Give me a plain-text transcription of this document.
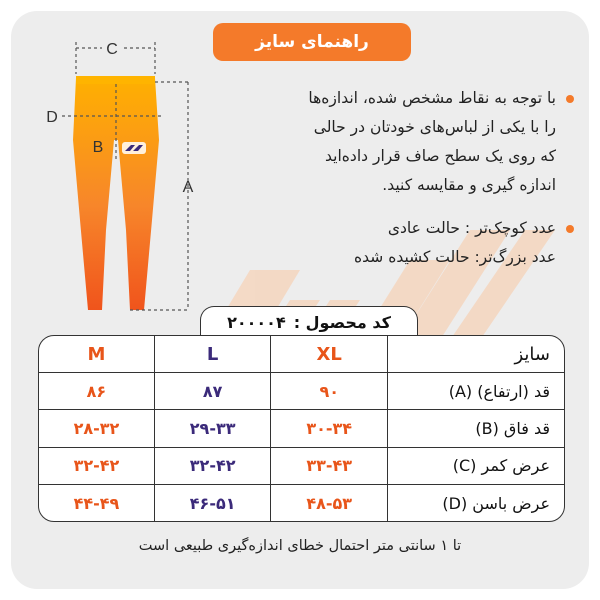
راهنمای سایز
C
D
B
A

با توجه به نقاط مشخص شده، اندازه‌ها
را با یکی از لباس‌های خودتان در حالی
که روی یک سطح صاف قرار داده‌اید
اندازه گیری و مقایسه کنید.

عدد کوچک‌تر : حالت عادی
عدد بزرگ‌تر: حالت کشیده شده

کد محصول :
۲۰۰۰۰۴
سایز	XL	L	M
قد (ارتفاع) (A)	۹۰	۸۷	۸۶
قد فاق (B)	۳۰-۳۴	۲۹-۳۳	۲۸-۳۲
عرض کمر (C)	۳۳-۴۳	۳۲-۴۲	۳۲-۴۲
عرض باسن (D)	۴۸-۵۳	۴۶-۵۱	۴۴-۴۹
تا ۱ سانتی متر احتمال خطای اندازه‌گیری طبیعی است
